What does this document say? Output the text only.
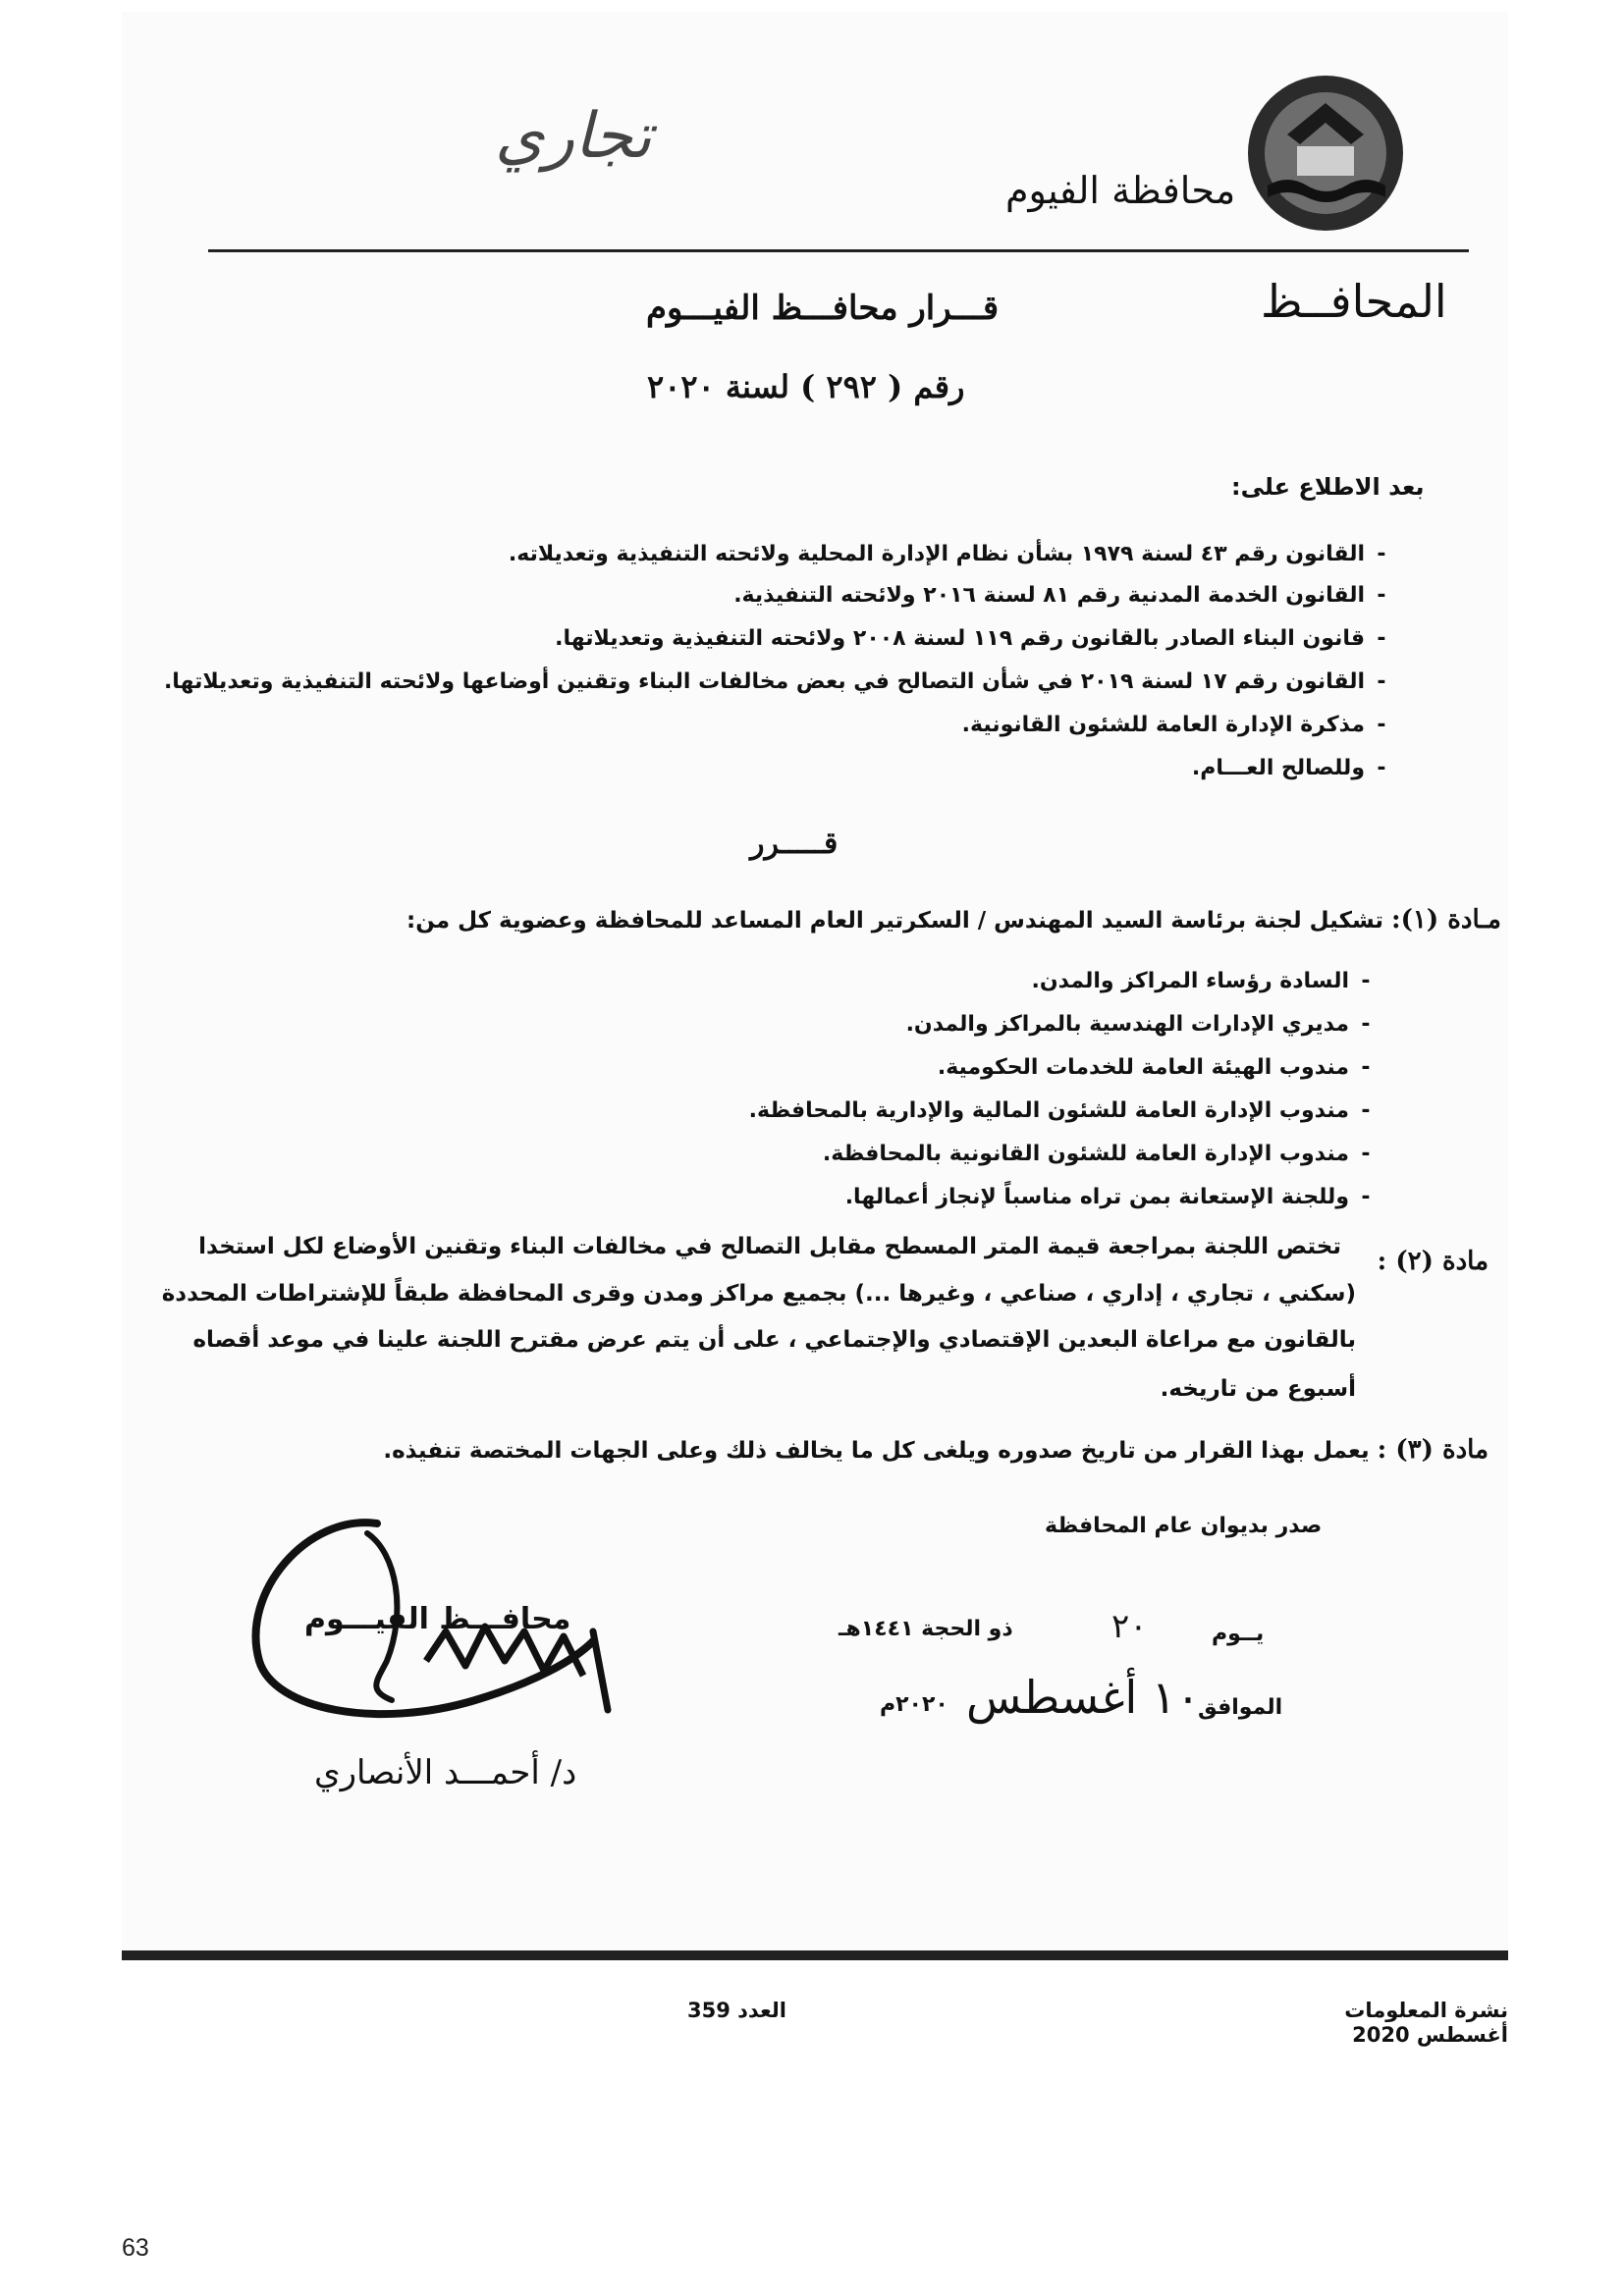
تجاري
محافظة الفيوم
المحافــظ
قـــرار محافـــظ الفيـــوم
رقم ( ٢٩٢ ) لسنة ٢٠٢٠
بعد الاطلاع على:
-القانون رقم ٤٣ لسنة ١٩٧٩ بشأن نظام الإدارة المحلية ولائحته التنفيذية وتعديلاته.
-القانون الخدمة المدنية رقم ٨١ لسنة ٢٠١٦ ولائحته التنفيذية.
-قانون البناء الصادر بالقانون رقم ١١٩ لسنة ٢٠٠٨ ولائحته التنفيذية وتعديلاتها.
-القانون رقم ١٧ لسنة ٢٠١٩ في شأن التصالح في بعض مخالفات البناء وتقنين أوضاعها ولائحته التنفيذية وتعديلاتها.
-مذكرة الإدارة العامة للشئون القانونية.
-وللصالح العـــام.
قـــــرر
مـادة (١): تشكيل لجنة برئاسة السيد المهندس / السكرتير العام المساعد للمحافظة وعضوية كل من:
-السادة رؤساء المراكز والمدن.
-مديري الإدارات الهندسية بالمراكز والمدن.
-مندوب الهيئة العامة للخدمات الحكومية.
-مندوب الإدارة العامة للشئون المالية والإدارية بالمحافظة.
-مندوب الإدارة العامة للشئون القانونية بالمحافظة.
-وللجنة الإستعانة بمن تراه مناسباً لإنجاز أعمالها.
مادة (٢) :
تختص اللجنة بمراجعة قيمة المتر المسطح مقابل التصالح في مخالفات البناء وتقنين الأوضاع لكل استخدا
(سكني ، تجاري ، إداري ، صناعي ، وغيرها ...) بجميع مراكز ومدن وقرى المحافظة طبقاً للإشتراطات المحددة
بالقانون مع مراعاة البعدين الإقتصادي والإجتماعي ، على أن يتم عرض مقترح اللجنة علينا في موعد أقصاه
أسبوع من تاريخه.
مادة (٣) : يعمل بهذا القرار من تاريخ صدوره ويلغى كل ما يخالف ذلك وعلى الجهات المختصة تنفيذه.
صدر بديوان عام المحافظة
يــوم
٢٠
ذو الحجة ١٤٤١هـ
الموافق
١٠ أغسطس
٢٠٢٠م
محافـــظ الفيـــوم
د/ أحمـــد الأنصاري
نشرة المعلومات
أغسطس 2020
العدد 359
63
